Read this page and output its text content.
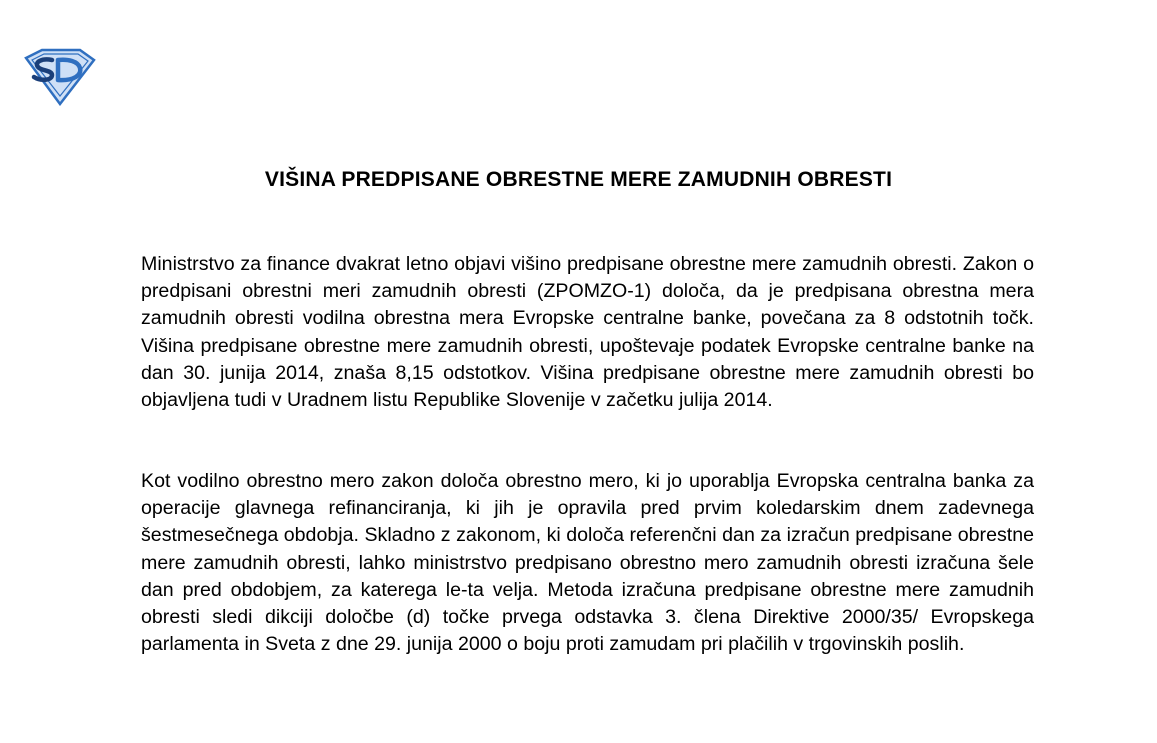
VIŠINA PREDPISANE OBRESTNE MERE ZAMUDNIH OBRESTI

Ministrstvo za finance dvakrat letno objavi višino predpisane obrestne mere zamudnih obresti. Zakon o predpisani obrestni meri zamudnih obresti (ZPOMZO-1) določa, da je predpisana obrestna mera zamudnih obresti vodilna obrestna mera Evropske centralne banke, povečana za 8 odstotnih točk. Višina predpisane obrestne mere zamudnih obresti, upoštevaje podatek Evropske centralne banke na dan 30. junija 2014, znaša 8,15 odstotkov. Višina predpisane obrestne mere zamudnih obresti bo objavljena tudi v Uradnem listu Republike Slovenije v začetku julija 2014.

Kot vodilno obrestno mero zakon določa obrestno mero, ki jo uporablja Evropska centralna banka za operacije glavnega refinanciranja, ki jih je opravila pred prvim koledarskim dnem zadevnega šestmesečnega obdobja. Skladno z zakonom, ki določa referenčni dan za izračun predpisane obrestne mere zamudnih obresti, lahko ministrstvo predpisano obrestno mero zamudnih obresti izračuna šele dan pred obdobjem, za katerega le-ta velja. Metoda izračuna predpisane obrestne mere zamudnih obresti sledi dikciji določbe (d) točke prvega odstavka 3. člena Direktive 2000/35/ Evropskega parlamenta in Sveta z dne 29. junija 2000 o boju proti zamudam pri plačilih v trgovinskih poslih.
